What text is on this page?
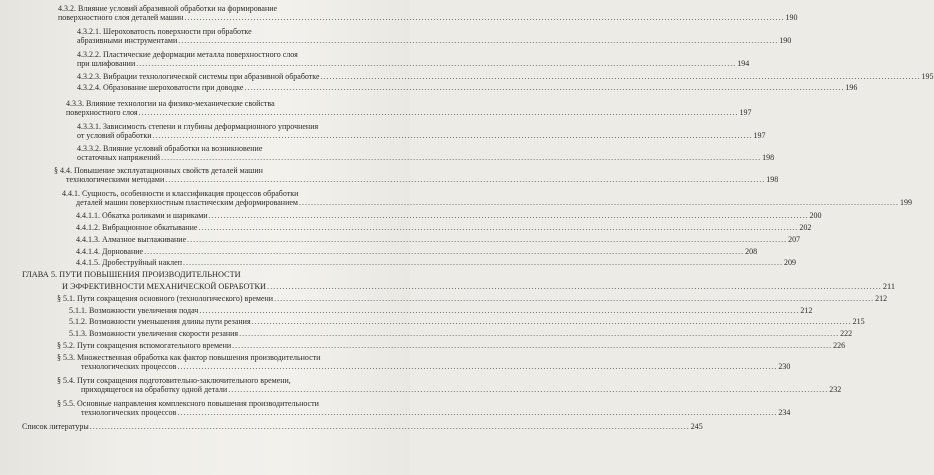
4.3.2. Влияние условий абразивной обработки на формирование
поверхностного слоя деталей машин .....	190
4.3.2.1. Шероховатость поверхности при обработке
абразивными инструментами .....	190
4.3.2.2. Пластические деформации металла поверхностного слоя
при шлифовании .....	194
4.3.2.3. Вибрации технологической системы при абразивной обработке .....	195
4.3.2.4. Образование шероховатости при доводке .....	196
4.3.3. Влияние технологии на физико-механические свойства
поверхностного слоя .....	197
4.3.3.1. Зависимость степени и глубины деформационного упрочнения
от условий обработки .....	197
4.3.3.2. Влияние условий обработки на возникновение
остаточных напряжений .....	198
§ 4.4. Повышение эксплуатационных свойств деталей машин
технологическими методами .....	198
4.4.1. Сущность, особенности и классификация процессов обработки
деталей машин поверхностным пластическим деформированием .....	199
4.4.1.1. Обкатка роликами и шариками .....	200
4.4.1.2. Вибрационное обкатывание .....	202
4.4.1.3. Алмазное выглаживание .....	207
4.4.1.4. Дорнование .....	208
4.4.1.5. Дробеструйный наклеп .....	209
ГЛАВА 5. ПУТИ ПОВЫШЕНИЯ ПРОИЗВОДИТЕЛЬНОСТИ
И ЭФФЕКТИВНОСТИ МЕХАНИЧЕСКОЙ ОБРАБОТКИ .....	211
§ 5.1. Пути сокращения основного (технологического) времени .....	212
5.1.1. Возможности увеличения подач .....	212
5.1.2. Возможности уменьшения длины пути резания .....	215
5.1.3. Возможности увеличения скорости резания .....	222
§ 5.2. Пути сокращения вспомогательного времени .....	226
§ 5.3. Множественная обработка как фактор повышения производительности
технологических процессов .....	230
§ 5.4. Пути сокращения подготовительно-заключительного времени,
приходящегося на обработку одной детали .....	232
§ 5.5. Основные направления комплексного повышения производительности
технологических процессов .....	234
Список литературы .....	245
